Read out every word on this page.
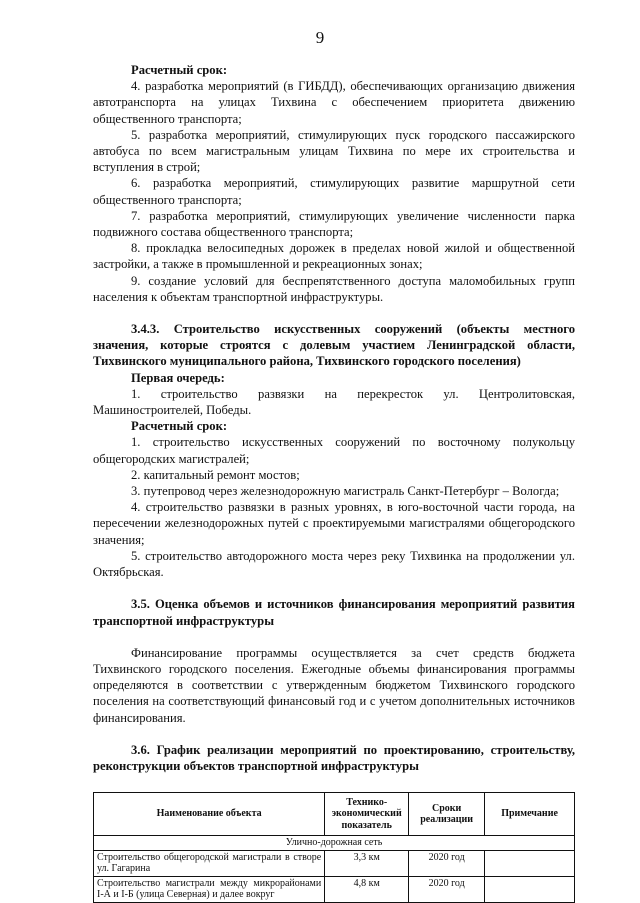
9

Расчетный срок:

4. разработка мероприятий (в ГИБДД), обеспечивающих организацию движения автотранспорта на улицах Тихвина с обеспечением приоритета движению общественного транспорта;

5. разработка мероприятий, стимулирующих пуск городского пассажирского автобуса по всем магистральным улицам Тихвина по мере их строительства и вступления в строй;

6. разработка мероприятий, стимулирующих развитие маршрутной сети общественного транспорта;

7. разработка мероприятий, стимулирующих увеличение численности парка подвижного состава общественного транспорта;

8. прокладка велосипедных дорожек в пределах новой жилой и общественной застройки, а также в промышленной и рекреационных зонах;

9. создание условий для беспрепятственного доступа маломобильных групп населения к объектам транспортной инфраструктуры.

3.4.3. Строительство искусственных сооружений (объекты местного значения, которые строятся с долевым участием Ленинградской области, Тихвинского муниципального района, Тихвинского городского поселения)

Первая очередь:

1. строительство развязки на перекресток ул. Центролитовская, Машиностроителей, Победы.

Расчетный срок:

1. строительство искусственных сооружений по восточному полукольцу общегородских магистралей;

2. капитальный ремонт мостов;

3. путепровод через железнодорожную магистраль Санкт-Петербург – Вологда;

4. строительство развязки в разных уровнях, в юго-восточной части города, на пересечении железнодорожных путей с проектируемыми магистралями общегородского значения;

5. строительство автодорожного моста через реку Тихвинка на продолжении ул. Октябрьская.

3.5. Оценка объемов и источников финансирования мероприятий развития транспортной инфраструктуры

Финансирование программы осуществляется за счет средств бюджета Тихвинского городского поселения. Ежегодные объемы финансирования программы определяются в соответствии с утвержденным бюджетом Тихвинского городского поселения на соответствующий финансовый год и с учетом дополнительных источников финансирования.

3.6. График реализации мероприятий по проектированию, строительству, реконструкции объектов транспортной инфраструктуры

Наименование объекта	Технико-экономический показатель	Сроки реализации	Примечание
Улично-дорожная сеть			
Строительство общегородской магистрали в створе ул. Гагарина	3,3 км	2020 год	
Строительство магистрали между микрорайонами I-А и I-Б (улица Северная) и далее вокруг	4,8 км	2020 год	
